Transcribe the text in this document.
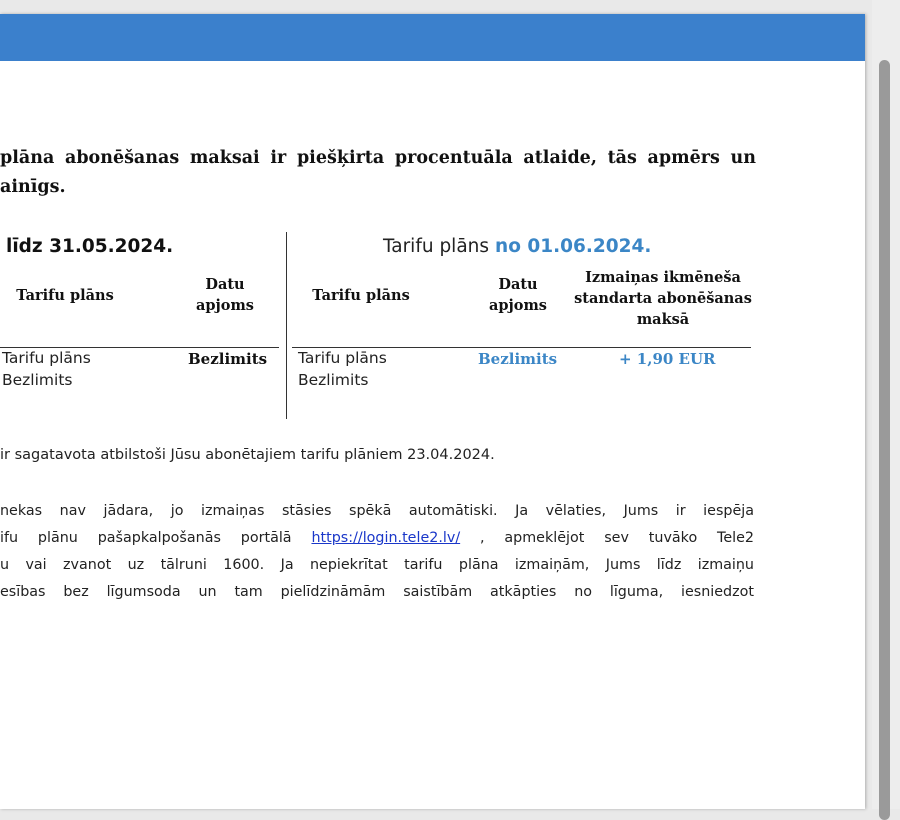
plāna abonēšanas maksai ir piešķirta procentuāla atlaide, tās apmērs un
ainīgs.

līdz 31.05.2024.	Tarifu plāns no 01.06.2024.
Tarifu plāns
Datu
apjoms
Tarifu plāns
Datu
apjoms
Izmaiņas ikmēneša
standarta abonēšanas
maksā
Tarifu plāns
Bezlimits
Bezlimits Tarifu plāns
Bezlimits
Bezlimits	+ 1,90 EUR
ir sagatavota atbilstoši Jūsu abonētajiem tarifu plāniem 23.04.2024.
nekas nav jādara, jo izmaiņas stāsies spēkā automātiski. Ja vēlaties, Jums ir iespēja
ifu plānu pašapkalpošanās portālā https://login.tele2.lv/ , apmeklējot sev tuvāko Tele2
u vai zvanot uz tālruni 1600. Ja nepiekrītat tarifu plāna izmaiņām, Jums līdz izmaiņu
esības bez līgumsoda un tam pielīdzināmām saistībām atkāpties no līguma, iesniedzot
